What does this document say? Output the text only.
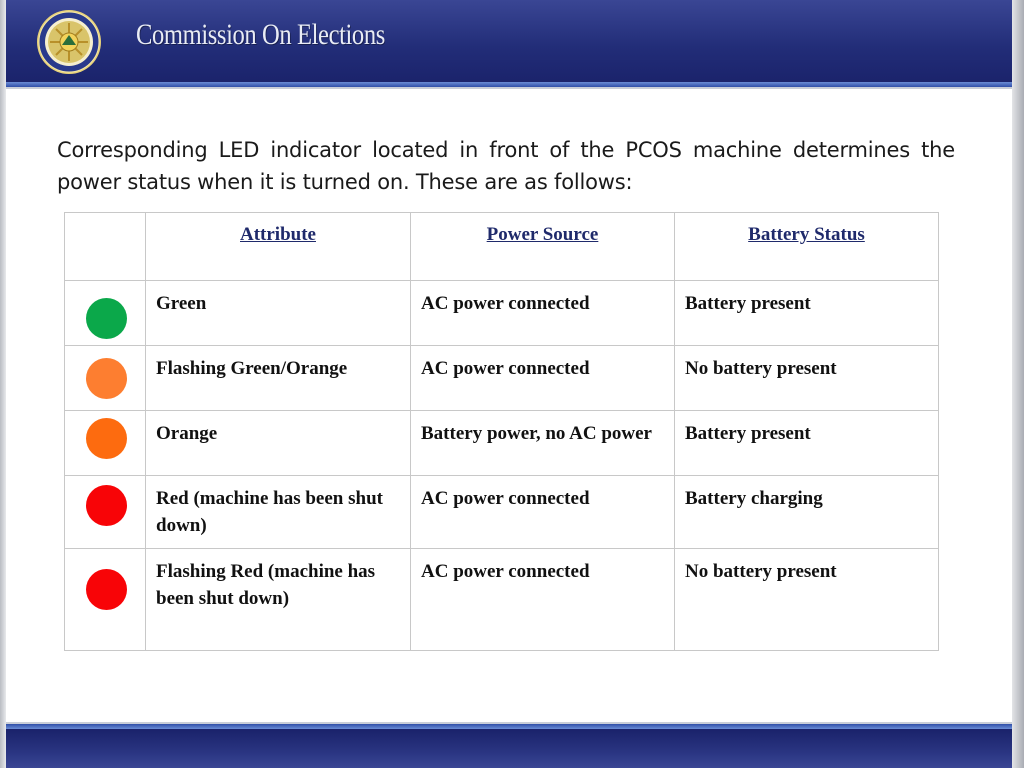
Commission On Elections
Corresponding LED indicator located in front of the PCOS machine determines the power status when it is turned on. These are as follows:
	Attribute	Power Source	Battery Status

	Green	AC power connected	Battery present

	Flashing Green/Orange	AC power connected	No battery present

	Orange	Battery power, no AC power	Battery present

	Red (machine has been shut down)	AC power connected	Battery charging

	Flashing Red (machine has been shut down)	AC power connected	No battery present
